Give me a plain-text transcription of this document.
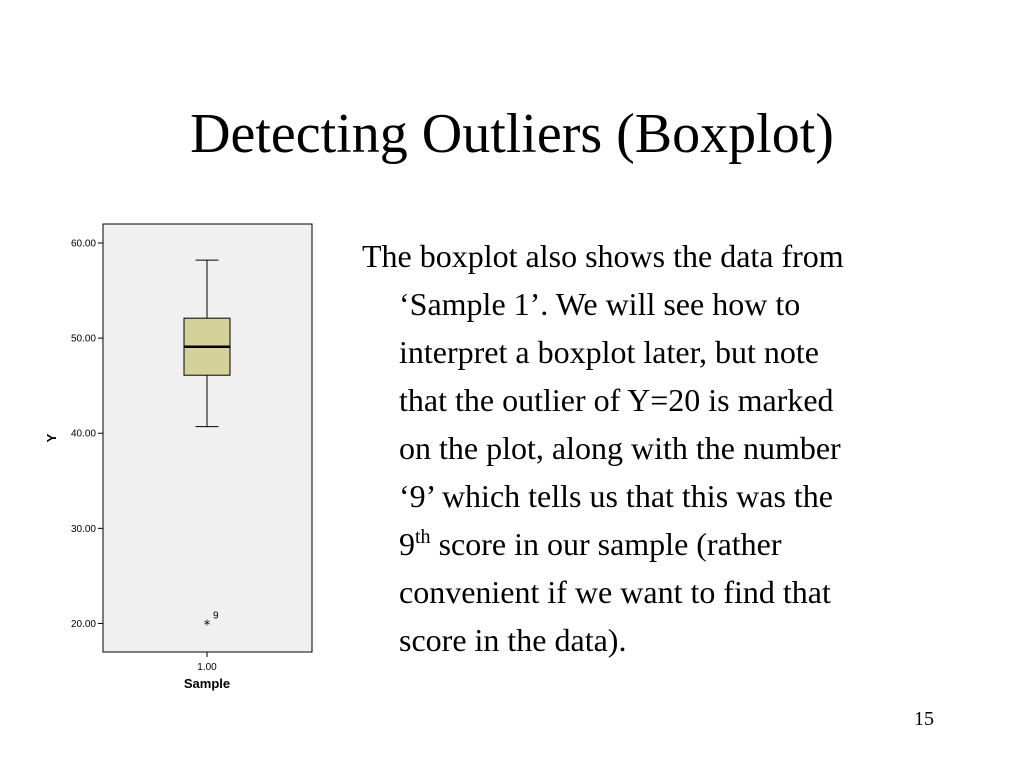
Detecting Outliers (Boxplot)
20.00
30.00
40.00
50.00
60.00
1.00
Sample
Y
*
9
The boxplot also shows the data from
‘Sample 1’. We will see how to
interpret a boxplot later, but note
that the outlier of Y=20 is marked
on the plot, along with the number
‘9’ which tells us that this was the
9th score in our sample (rather
convenient if we want to find that
score in the data).
15
